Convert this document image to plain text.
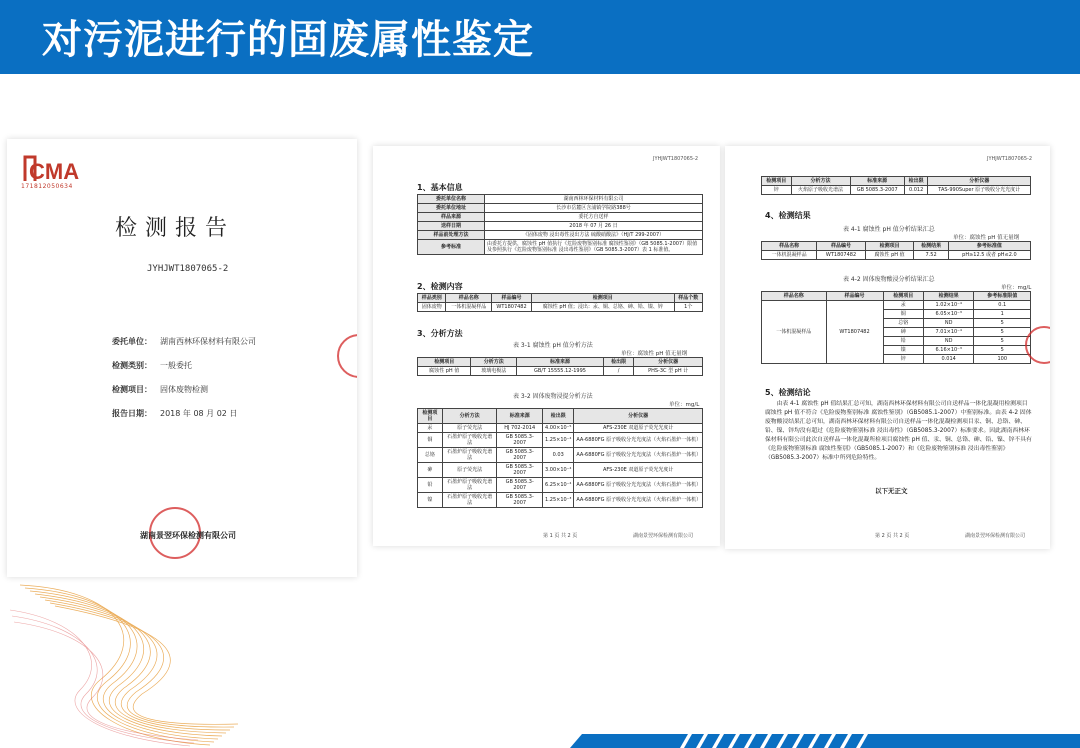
对污泥进行的固废属性鉴定
CMA
171812050634
检测报告
JYHJWT1807065-2
委托单位： 湖南西林环保材料有限公司
检测类别： 一般委托
检测项目： 固体废物检测
报告日期： 2018 年 08 月 02 日
湖南景翌环保检测有限公司
JYHJWT1807065-2
1、基本信息
委托单位名称	湖南西林环保材料有限公司
委托单位地址	长沙市岳麓区含浦镇学院路388号
样品来源	委托方自送样
送样日期	2018 年 07 月 26 日
样品前处理方法	《固体废物 浸出毒性浸出方法 硫酸硝酸法》（HJ/T 299-2007）
参考标准	由委托方提供，腐蚀性 pH 值执行《危险废物鉴别标准 腐蚀性鉴别》（GB 5085.1-2007）限值及参照执行《危险废物鉴别标准 浸出毒性鉴别》（GB 5085.3-2007）表 1 标准值。
2、检测内容
样品类别	样品名称	样品编号	检测项目	样品个数
固体废物	一体机混凝样品	WT1807482	腐蚀性 pH 值；浸出：汞、铜、总铬、砷、铅、镍、锌	1个
3、分析方法
表 3-1 腐蚀性 pH 值分析方法
单位：腐蚀性 pH 值无量纲
检测项目	分析方法	标准来源	检出限	分析仪器
腐蚀性 pH 值	玻璃电极法	GB/T 15555.12-1995	/	PHS-3C 型 pH 计
表 3-2 固体废物浸提分析方法
单位：mg/L
检测项目	分析方法	标准来源	检出限	分析仪器
汞	原子荧光法	HJ 702-2014	4.00×10⁻⁵	AFS-230E 双道原子荧光光度计
铜	石墨炉原子吸收光谱法	GB 5085.3-2007	1.25×10⁻⁴	AA-6880FG 原子吸收分光光度法（火焰石墨炉一体机）
总铬	石墨炉原子吸收光谱法	GB 5085.3-2007	0.03	AA-6880FG 原子吸收分光光度法（火焰石墨炉一体机）
砷	原子荧光法	GB 5085.3-2007	3.00×10⁻⁴	AFS-230E 双道原子荧光光度计
铅	石墨炉原子吸收光谱法	GB 5085.3-2007	6.25×10⁻⁴	AA-6880FG 原子吸收分光光度法（火焰石墨炉一体机）
镍	石墨炉原子吸收光谱法	GB 5085.3-2007	1.25×10⁻³	AA-6880FG 原子吸收分光光度法（火焰石墨炉一体机）
第 1 页 共 2 页	湖南景翌环保检测有限公司
JYHJWT1807065-2
检测项目	分析方法	标准来源	检出限	分析仪器
锌	火焰原子吸收光谱法	GB 5085.3-2007	0.012	TAS-990Super 原子吸收分光光度计
4、检测结果
表 4-1 腐蚀性 pH 值分析结果汇总
单位：腐蚀性 pH 值无量纲
样品名称	样品编号	检测项目	检测结果	参考标准值
一体机混凝样品	WT1807482	腐蚀性 pH 值	7.52	pH≥12.5 或者 pH≤2.0
表 4-2 固体废物酸浸分析结果汇总
单位：mg/L
样品名称	样品编号	检测项目	检测结果	参考标准限值
一体机混凝样品	WT1807482	汞	1.02×10⁻⁴	0.1
		铜	6.05×10⁻³	1
		总铬	ND	5
		砷	7.01×10⁻⁴	5
		铅	ND	5
		镍	6.16×10⁻³	5
		锌	0.014	100
5、检测结论
由表 4-1 腐蚀性 pH 值结果汇总可知，湖南西林环保材料有限公司自送样品一体化混凝用检测项目腐蚀性 pH 值不符合《危险废物鉴别标准 腐蚀性鉴别》（GB5085.1-2007）中鉴别标准。由表 4-2 固体废物酸浸结果汇总可知，湖南西林环保材料有限公司自送样品一体化混凝检测项目汞、铜、总铬、砷、铅、镍、锌均没有超过《危险废物鉴别标准 浸出毒性》（GB5085.3-2007）标准要求。因此湖南西林环保材料有限公司此次自送样品一体化混凝所检项目腐蚀性 pH 值、汞、铜、总铬、砷、铅、镍、锌不具有《危险废物鉴别标准 腐蚀性鉴别》（GB5085.1-2007）和《危险废物鉴别标准 浸出毒性鉴别》（GB5085.3-2007）标准中所列危险特性。
以下无正文
第 2 页 共 2 页	湖南景翌环保检测有限公司
